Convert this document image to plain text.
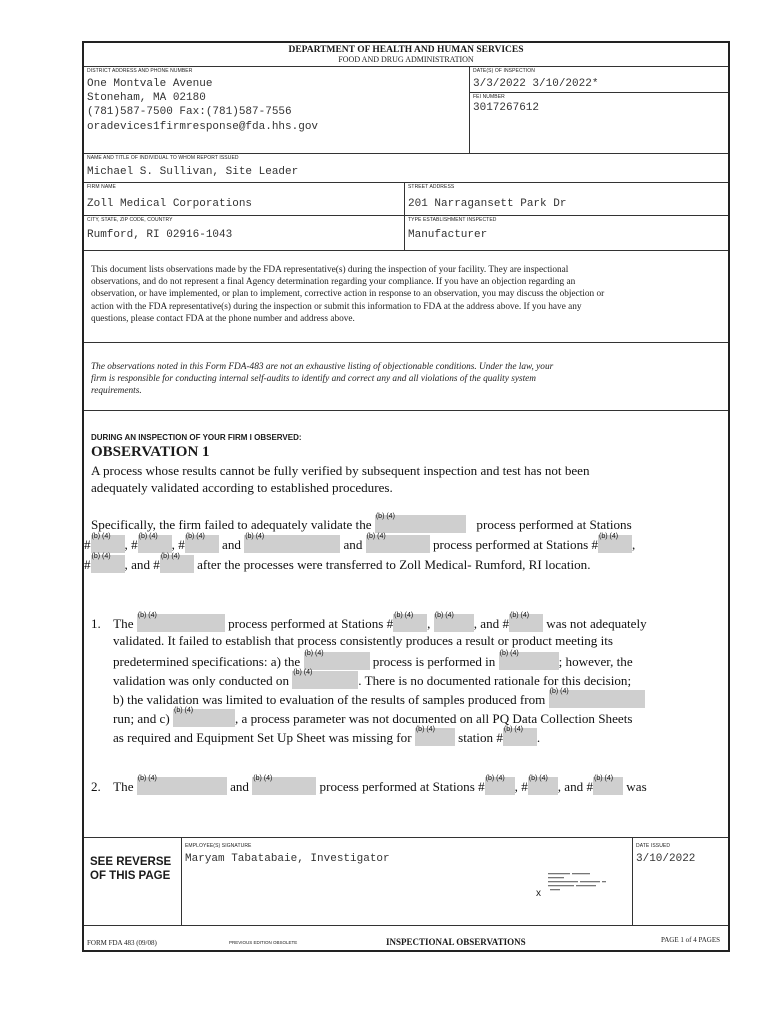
DEPARTMENT OF HEALTH AND HUMAN SERVICES
FOOD AND DRUG ADMINISTRATION
DISTRICT ADDRESS AND PHONE NUMBER
One Montvale Avenue
Stoneham, MA 02180
(781)587-7500 Fax:(781)587-7556
oradevices1firmresponse@fda.hhs.gov
DATE(S) OF INSPECTION
3/3/2022 3/10/2022*
FEI NUMBER
3017267612
NAME AND TITLE OF INDIVIDUAL TO WHOM REPORT ISSUED
Michael S. Sullivan, Site Leader
FIRM NAME
Zoll Medical Corporations
STREET ADDRESS
201 Narragansett Park Dr
CITY, STATE, ZIP CODE, COUNTRY
Rumford, RI 02916-1043
TYPE ESTABLISHMENT INSPECTED
Manufacturer
This document lists observations made by the FDA representative(s) during the inspection of your facility. They are inspectional
observations, and do not represent a final Agency determination regarding your compliance. If you have an objection regarding an
observation, or have implemented, or plan to implement, corrective action in response to an observation, you may discuss the objection or
action with the FDA representative(s) during the inspection or submit this information to FDA at the address above. If you have any
questions, please contact FDA at the phone number and address above.
The observations noted in this Form FDA-483 are not an exhaustive listing of objectionable conditions. Under the law, your
firm is responsible for conducting internal self-audits to identify and correct any and all violations of the quality system
requirements.
DURING AN INSPECTION OF YOUR FIRM I OBSERVED:
OBSERVATION 1
A process whose results cannot be fully verified by subsequent inspection and test has not been
adequately validated according to established procedures.
Specifically, the firm failed to adequately validate the
(b) (4)
process performed at Stations
#
(b) (4)
, #
(b) (4)
, #
(b) (4)
and
(b) (4)
and
(b) (4)
process performed at Stations #
(b) (4)
,
#
(b) (4)
, and #
(b) (4)
after the processes were transferred to Zoll Medical- Rumford, RI location.
1. The
(b) (4)
process performed at Stations #
(b) (4)
,
(b) (4)
, and #
(b) (4)
was not adequately
validated. It failed to establish that process consistently produces a result or product meeting its
predetermined specifications: a) the
(b) (4)
process is performed in
(b) (4)
; however, the
validation was only conducted on
(b) (4)
. There is no documented rationale for this decision;
b) the validation was limited to evaluation of the results of samples produced from
(b) (4)
run; and c)
(b) (4)
, a process parameter was not documented on all PQ Data Collection Sheets
as required and Equipment Set Up Sheet was missing for
(b) (4)
station #
(b) (4)
.
2. The
(b) (4)
and
(b) (4)
process performed at Stations #
(b) (4)
, #
(b) (4)
, and #
(b) (4)
was
SEE REVERSE
OF THIS PAGE
EMPLOYEE(S) SIGNATURE
Maryam Tabatabaie, Investigator
x
DATE ISSUED
3/10/2022
FORM FDA 483 (09/08)	PREVIOUS EDITION OBSOLETE	INSPECTIONAL OBSERVATIONS	PAGE 1 of 4 PAGES
